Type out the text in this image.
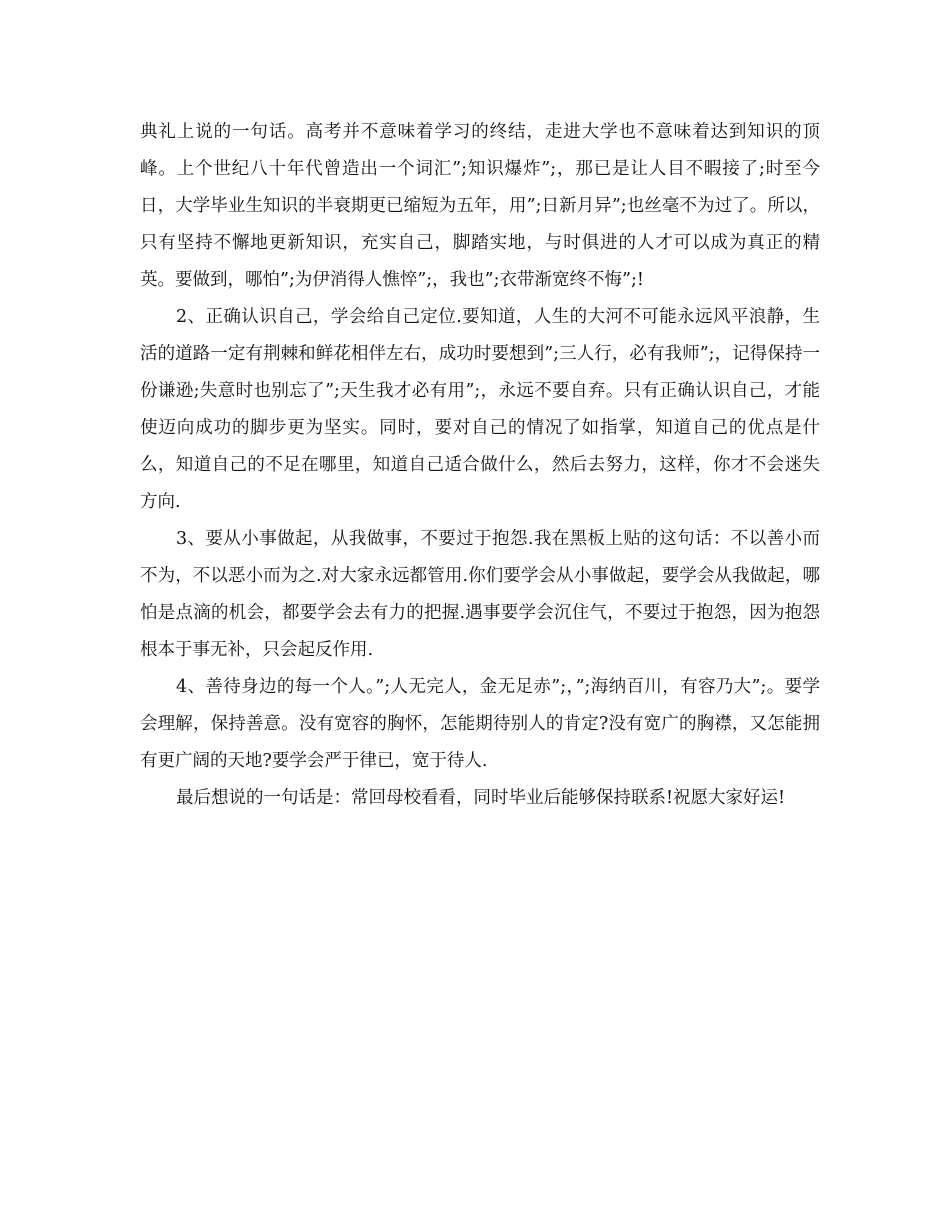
典礼上说的一句话。高考并不意味着学习的终结，走进大学也不意味着达到知识的顶峰。上个世纪八十年代曾造出一个词汇”;知识爆炸”;，那已是让人目不暇接了;时至今日，大学毕业生知识的半衰期更已缩短为五年，用”;日新月异”;也丝毫不为过了。所以，只有坚持不懈地更新知识，充实自己，脚踏实地，与时俱进的人才可以成为真正的精英。要做到，哪怕”;为伊消得人憔悴”;，我也”;衣带渐宽终不悔”;!

2、正确认识自己，学会给自己定位.要知道，人生的大河不可能永远风平浪静，生活的道路一定有荆棘和鲜花相伴左右，成功时要想到”;三人行，必有我师”;，记得保持一份谦逊;失意时也别忘了”;天生我才必有用”;，永远不要自弃。只有正确认识自己，才能使迈向成功的脚步更为坚实。同时，要对自己的情况了如指掌，知道自己的优点是什么，知道自己的不足在哪里，知道自己适合做什么，然后去努力，这样，你才不会迷失方向.

3、要从小事做起，从我做事，不要过于抱怨.我在黑板上贴的这句话：不以善小而不为，不以恶小而为之.对大家永远都管用.你们要学会从小事做起，要学会从我做起，哪怕是点滴的机会，都要学会去有力的把握.遇事要学会沉住气，不要过于抱怨，因为抱怨根本于事无补，只会起反作用.

4、善待身边的每一个人。”;人无完人，金无足赤”;，”;海纳百川，有容乃大”;。要学会理解，保持善意。没有宽容的胸怀，怎能期待别人的肯定?没有宽广的胸襟，又怎能拥有更广阔的天地?要学会严于律已，宽于待人.

最后想说的一句话是：常回母校看看，同时毕业后能够保持联系!祝愿大家好运!
